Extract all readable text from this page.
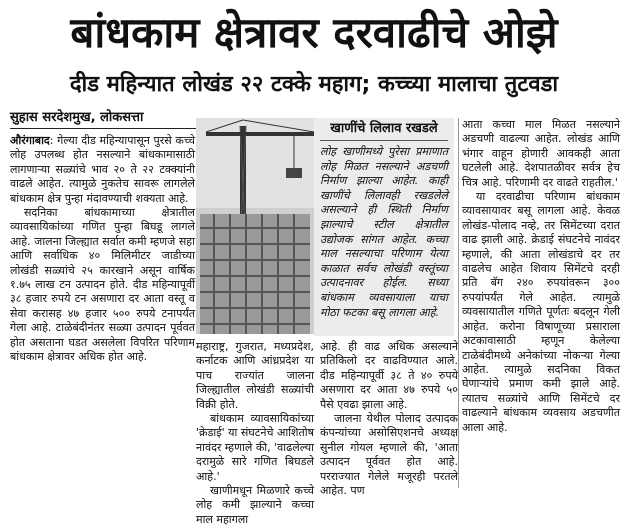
बांधकाम क्षेत्रावर दरवाढीचे ओझे
दीड महिन्यात लोखंड २२ टक्के महाग; कच्च्या मालाचा तुटवडा
सुहास सरदेशमुख, लोकसत्ता

औरंगाबाद: गेल्या दीड महिन्यापासून पुरसे कच्चे लोह उपलब्ध होत नसल्याने बांधकामासाठी लागणाऱ्या सळ्यांचे भाव २० ते २२ टक्क्यांनी वाढले आहेत. त्यामुळे नुकतेच सावरू लागलेले बांधकाम क्षेत्र पुन्हा मंदावण्याची शक्यता आहे.

सदनिका बांधकामाच्या क्षेत्रातील व्यावसायिकांच्या गणित पुन्हा बिघडू लागले आहे. जालना जिल्ह्यात सर्वात कमी म्हणजे सहा आणि सर्वाधिक ४० मिलिमीटर जाडीच्या लोखंडी सळ्यांचे २५ कारखाने असून वार्षिक १.७५ लाख टन उत्पादन होते. दीड महिन्यापूर्वी ३८ हजार रुपये टन असणारा दर आता वस्तू व सेवा करासह ४७ हजार ५०० रुपये टनापर्यंत गेला आहे. टाळेबंदीनंतर सळ्या उत्पादन पूर्ववत होत असताना घडत असलेला विपरित परिणाम बांधकाम क्षेत्रावर अधिक होत आहे.

खाणींचे लिलाव रखडले
लोह खाणीमध्ये पुरेसा प्रमाणात लोह मिळत नसल्याने अडचणी निर्माण झाल्या आहेत. काही खाणींचे लिलावही रखडलेले असल्याने ही स्थिती निर्माण झाल्याचे स्टील क्षेत्रातील उद्योजक सांगत आहेत. कच्चा माल नसल्याचा परिणाम येत्या काळात सर्वच लोखंडी वस्तूंच्या उत्पादनावर होईल. सध्या बांधकाम व्यवसायाला याचा मोठा फटका बसू लागला आहे.

महाराष्ट्र, गुजरात, मध्यप्रदेश, कर्नाटक आणि आंध्रप्रदेश या पाच राज्यांत जालना जिल्ह्यातील लोखंडी सळ्यांची विक्री होते.

बांधकाम व्यावसायिकांच्या 'क्रेडाई' या संघटनेचे आशितोष नावंदर म्हणाले की, 'वाढलेल्या दरामुळे सारे गणित बिघडले आहे.'

खाणीमधून मिळणारे कच्चे लोह कमी झाल्याने कच्चा माल महागला

आहे. ही वाढ अधिक असल्याने प्रतिकिलो दर वाढविण्यात आले. दीड महिन्यापूर्वी ३८ ते ४० रुपये असणारा दर आता ४७ रुपये ५० पैसे एवढा झाला आहे.

जालना येथील पोलाद उत्पादक कंपन्यांच्या असोसिएशनचे अध्यक्ष सुनील गोयल म्हणाले की, 'आता उत्पादन पूर्ववत होत आहे. परराज्यात गेलेले मजूरही परतले आहेत. पण

आता कच्चा माल मिळत नसल्याने अडचणी वाढल्या आहेत. लोखंड आणि भंगार वाहून होणारी आवकही आता घटलेली आहे. देशपातळीवर सर्वत्र हेच चित्र आहे. परिणामी दर वाढते राहतील.'

या दरवाढीचा परिणाम बांधकाम व्यावसायावर बसू लागला आहे. केवळ लोखंड-पोलाद नव्हे, तर सिमेंटच्या दरात वाढ झाली आहे. क्रेडाई संघटनेचे नावंदर म्हणाले, की आता लोखंडाचे दर तर वाढलेच आहेत शिवाय सिमेंटचे दरही प्रति बॅग २४० रुपयांवरून ३०० रुपयांपर्यंत गेले आहेत. त्यामुळे व्यवसायातील गणिते पूर्णतः बदलून गेली आहेत. करोना विषाणूच्या प्रसाराला अटकावासाठी म्हणून केलेल्या टाळेबंदीमध्ये अनेकांच्या नोकऱ्या गेल्या आहेत. त्यामुळे सदनिका विकत घेणाऱ्यांचे प्रमाण कमी झाले आहे. त्यातच सळ्यांचे आणि सिमेंटचे दर वाढल्याने बांधकाम व्यवसाय अडचणीत आला आहे.
